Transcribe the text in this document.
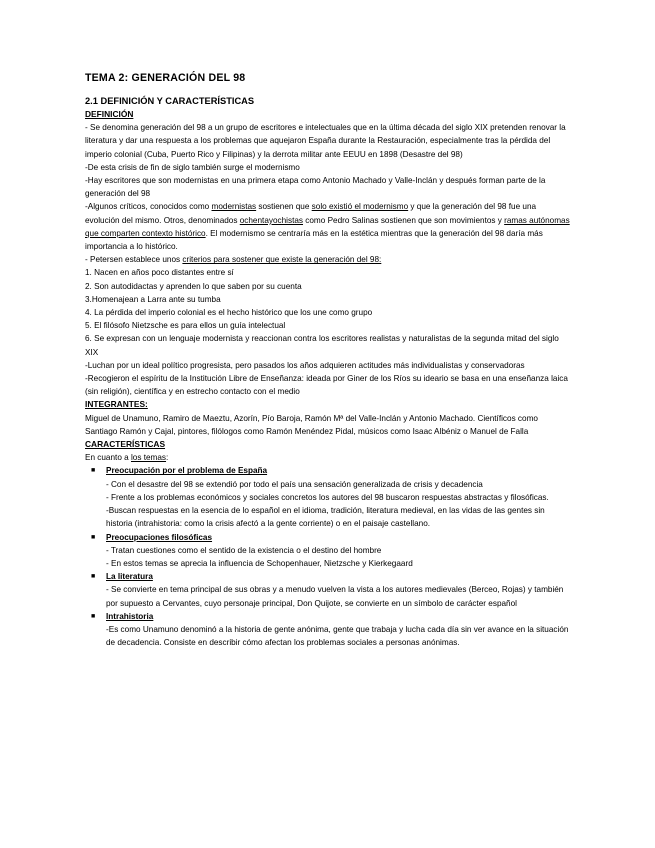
TEMA 2: GENERACIÓN DEL 98
2.1 DEFINICIÓN Y CARACTERÍSTICAS
DEFINICIÓN

- Se denomina generación del 98 a un grupo de escritores e intelectuales que en la última década del siglo XIX pretenden renovar la literatura y dar una respuesta a los problemas que aquejaron España durante la Restauración, especialmente tras la pérdida del imperio colonial (Cuba, Puerto Rico y Filipinas) y la derrota militar ante EEUU en 1898 (Desastre del 98)

-De esta crisis de fin de siglo también surge el modernismo

-Hay escritores que son modernistas en una primera etapa como Antonio Machado y Valle-Inclán y después forman parte de la generación del 98

-Algunos críticos, conocidos como modernistas sostienen que solo existió el modernismo y que la generación del 98 fue una evolución del mismo. Otros, denominados ochentayochistas como Pedro Salinas sostienen que son movimientos y ramas autónomas que comparten contexto histórico. El modernismo se centraría más en la estética mientras que la generación del 98 daría más importancia a lo histórico.

- Petersen establece unos criterios para sostener que existe la generación del 98:

1. Nacen en años poco distantes entre sí

2. Son autodidactas y aprenden lo que saben por su cuenta

3.Homenajean a Larra ante su tumba

4. La pérdida del imperio colonial es el hecho histórico que los une como grupo

5. El filósofo Nietzsche es para ellos un guía intelectual

6. Se expresan con un lenguaje modernista y reaccionan contra los escritores realistas y naturalistas de la segunda mitad del siglo XIX

-Luchan por un ideal político progresista, pero pasados los años adquieren actitudes más individualistas y conservadoras

-Recogieron el espíritu de la Institución Libre de Enseñanza: ideada por Giner de los Ríos su ideario se basa en una enseñanza laica (sin religión), científica y en estrecho contacto con el medio

INTEGRANTES:

Miguel de Unamuno, Ramiro de Maeztu, Azorín, Pío Baroja, Ramón Mª del Valle-Inclán y Antonio Machado. Científicos como Santiago Ramón y Cajal, pintores, filólogos como Ramón Menéndez Pidal, músicos como Isaac Albéniz o Manuel de Falla

CARACTERÍSTICAS

En cuanto a los temas:

■ Preocupación por el problema de España

- Con el desastre del 98 se extendió por todo el país una sensación generalizada de crisis y decadencia

- Frente a los problemas económicos y sociales concretos los autores del 98 buscaron respuestas abstractas y filosóficas.

-Buscan respuestas en la esencia de lo español en el idioma, tradición, literatura medieval, en las vidas de las gentes sin historia (intrahistoria: como la crisis afectó a la gente corriente) o en el paisaje castellano.

■ Preocupaciones filosóficas

- Tratan cuestiones como el sentido de la existencia o el destino del hombre

- En estos temas se aprecia la influencia de Schopenhauer, Nietzsche y Kierkegaard

■ La literatura

- Se convierte en tema principal de sus obras y a menudo vuelven la vista a los autores medievales (Berceo, Rojas) y también por supuesto a Cervantes, cuyo personaje principal, Don Quijote, se convierte en un símbolo de carácter español

■ Intrahistoria

-Es como Unamuno denominó a la historia de gente anónima, gente que trabaja y lucha cada día sin ver avance en la situación de decadencia. Consiste en describir cómo afectan los problemas sociales a personas anónimas.
